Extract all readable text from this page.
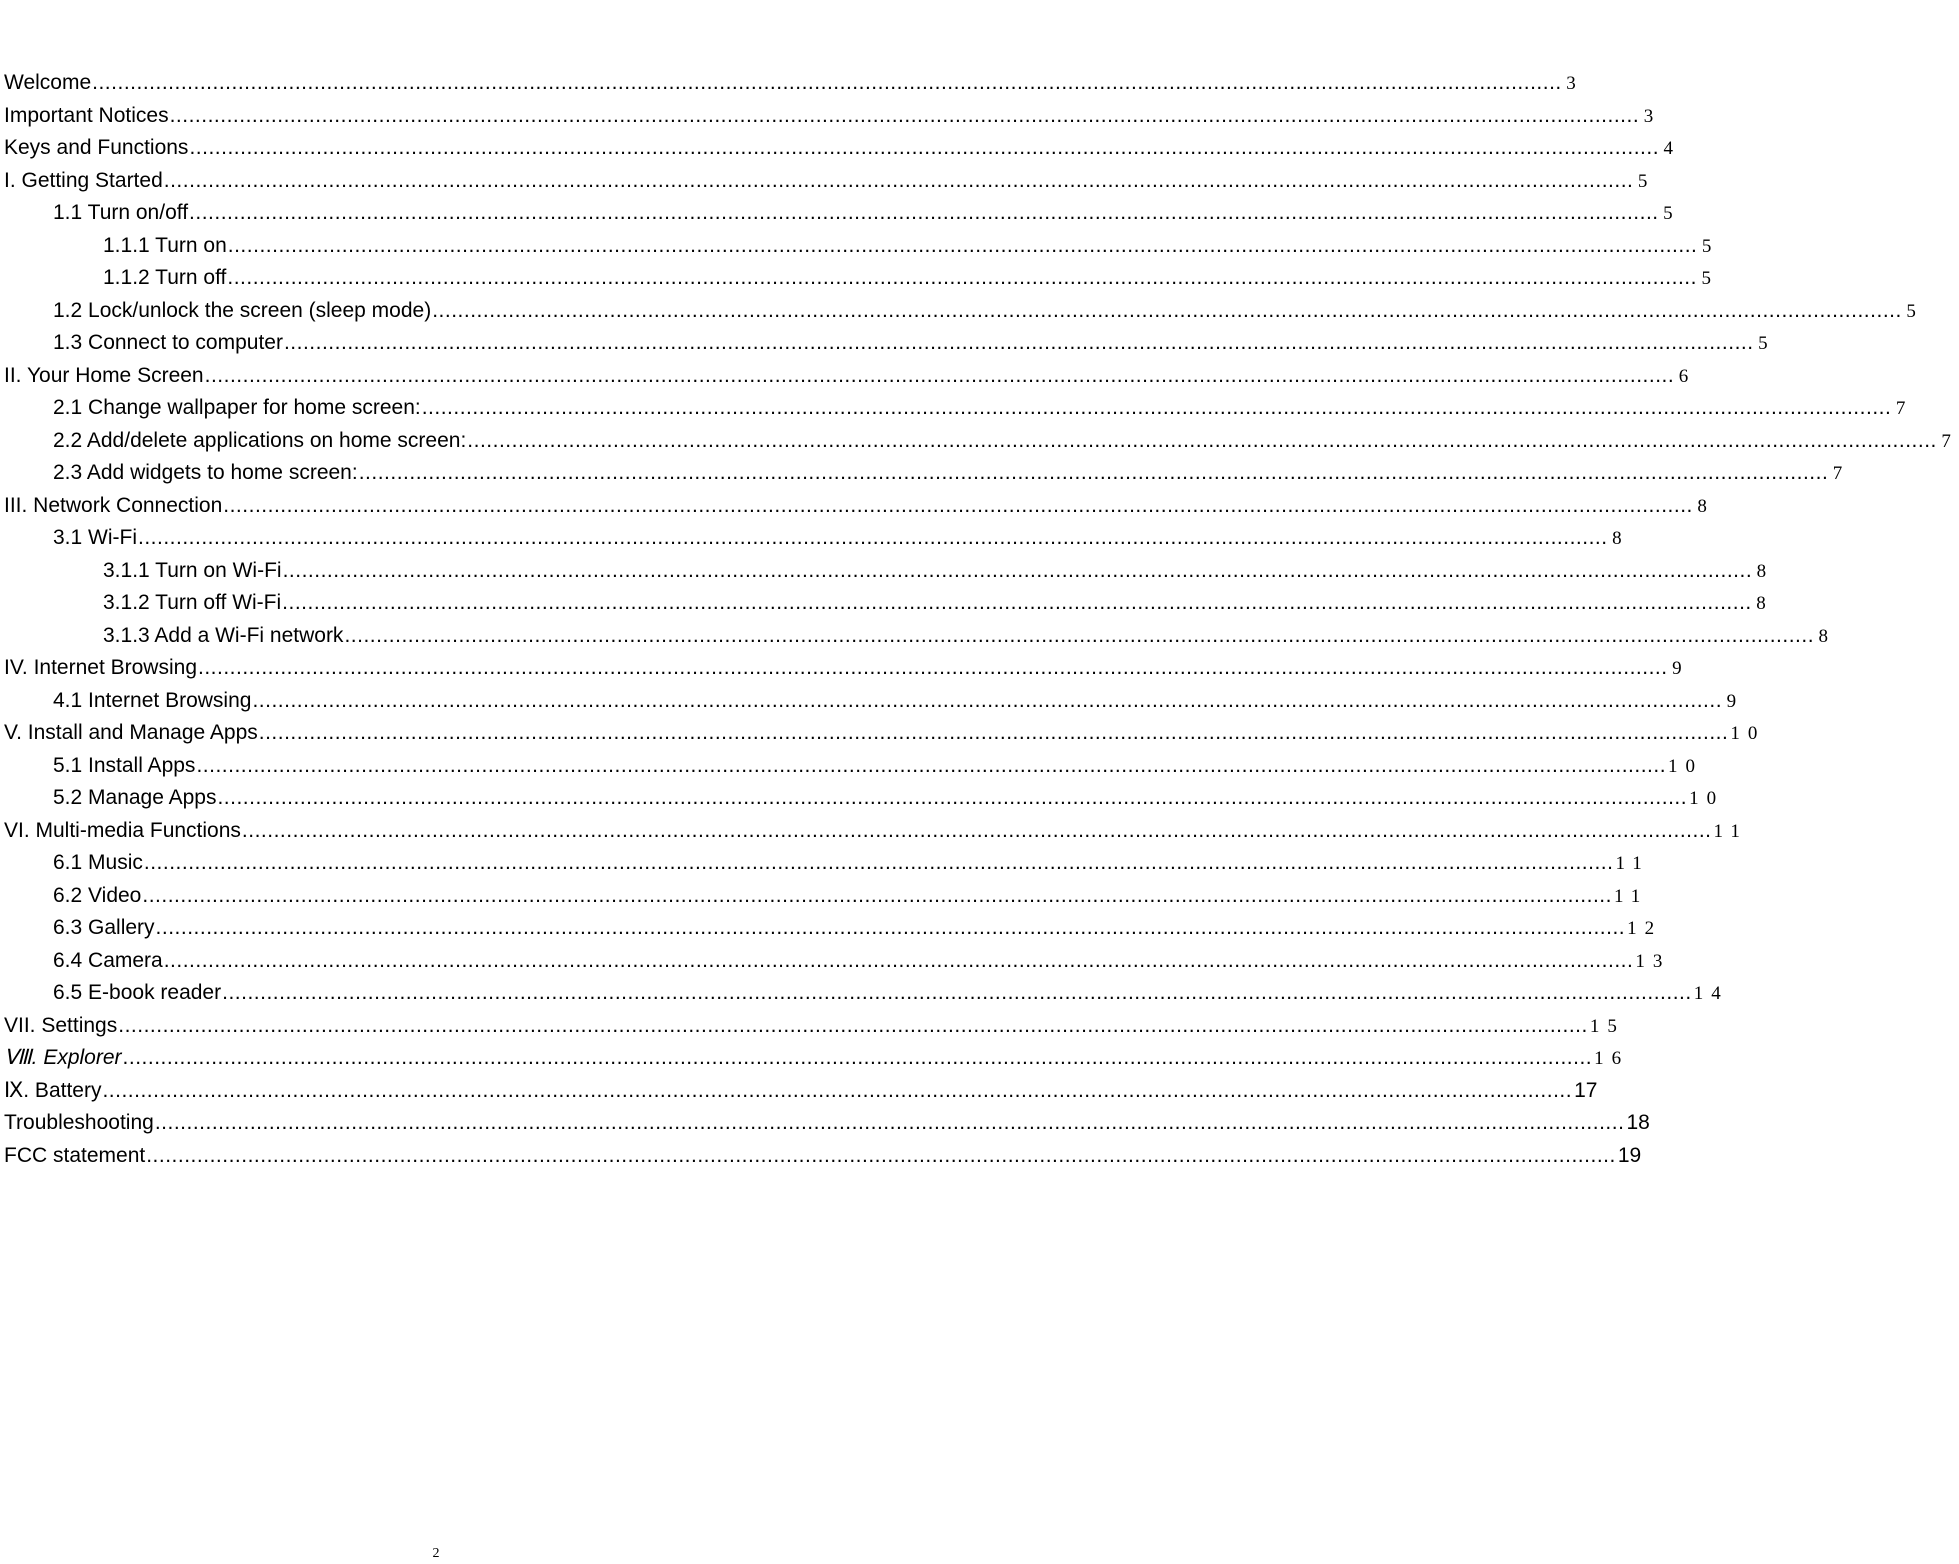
Welcome .....	3
Important Notices .....	3
Keys and Functions .....	4
I. Getting Started .....	5
1.1 Turn on/off .....	5
1.1.1 Turn on .....	5
1.1.2 Turn off .....	5
1.2 Lock/unlock the screen (sleep mode) .....	5
1.3 Connect to computer .....	5
II. Your Home Screen .....	6
2.1 Change wallpaper for home screen: .....	7
2.2 Add/delete applications on home screen: .....	7
2.3 Add widgets to home screen: .....	7
III. Network Connection .....	8
3.1 Wi-Fi .....	8
3.1.1 Turn on Wi-Fi .....	8
3.1.2 Turn off Wi-Fi .....	8
3.1.3 Add a Wi-Fi network .....	8
IV. Internet Browsing .....	9
4.1 Internet Browsing .....	9
V. Install and Manage Apps .....	10
5.1 Install Apps .....	10
5.2 Manage Apps .....	10
VI. Multi-media Functions .....	11
6.1 Music .....	11
6.2 Video .....	11
6.3 Gallery .....	12
6.4 Camera .....	13
6.5 E-book reader .....	14
VII. Settings .....	15
Ⅷ. Explorer .....	16
Ⅸ. Battery .....	17
Troubleshooting .....	18
FCC statement .....	19
2
